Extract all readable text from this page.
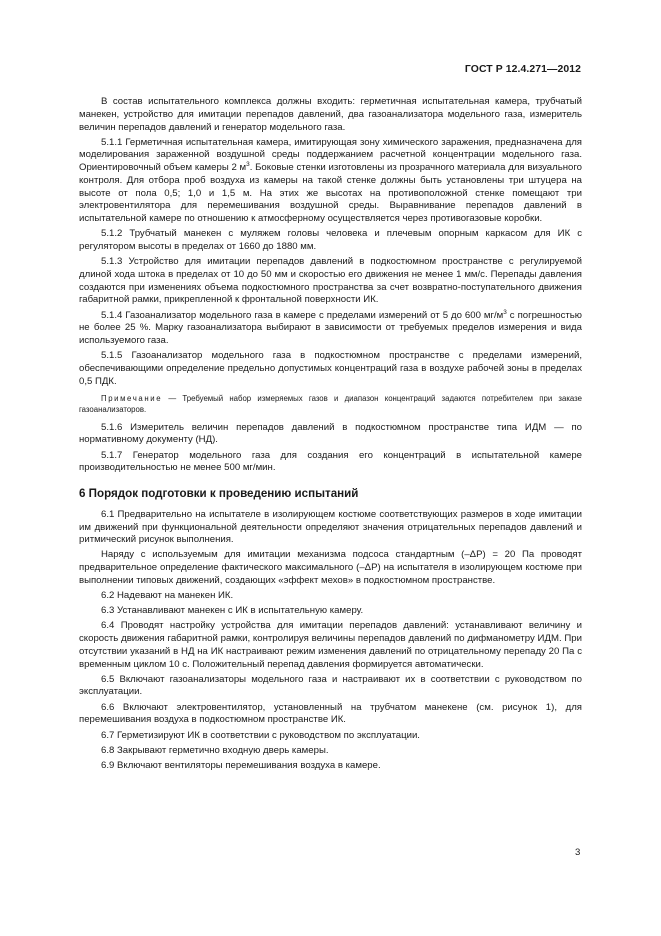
ГОСТ Р 12.4.271—2012

В состав испытательного комплекса должны входить: герметичная испытательная камера, трубчатый манекен, устройство для имитации перепадов давлений, два газоанализатора модельного газа, измеритель величин перепадов давлений и генератор модельного газа.

5.1.1 Герметичная испытательная камера, имитирующая зону химического заражения, предназначена для моделирования зараженной воздушной среды поддержанием расчетной концентрации модельного газа. Ориентировочный объем камеры 2 $м^3$. Боковые стенки изготовлены из прозрачного материала для визуального контроля. Для отбора проб воздуха из камеры на такой стенке должны быть установлены три штуцера на высоте от пола 0,5; 1,0 и 1,5 м. На этих же высотах на противоположной стенке помещают три электровентилятора для перемешивания воздушной среды. Выравнивание перепадов давлений в испытательной камере по отношению к атмосферному осуществляется через противогазовые коробки.

5.1.2 Трубчатый манекен с муляжем головы человека и плечевым опорным каркасом для ИК с регулятором высоты в пределах от 1660 до 1880 мм.

5.1.3 Устройство для имитации перепадов давлений в подкостюмном пространстве с регулируемой длиной хода штока в пределах от 10 до 50 мм и скоростью его движения не менее 1 мм/с. Перепады давления создаются при изменениях объема подкостюмного пространства за счет возвратно-поступательного движения габаритной рамки, прикрепленной к фронтальной поверхности ИК.

5.1.4 Газоанализатор модельного газа в камере с пределами измерений от 5 до 600 $мг/м^3$ с погрешностью не более 25 %. Марку газоанализатора выбирают в зависимости от требуемых пределов измерения и вида используемого газа.

5.1.5 Газоанализатор модельного газа в подкостюмном пространстве с пределами измерений, обеспечивающими определение предельно допустимых концентраций газа в воздухе рабочей зоны в пределах 0,5 ПДК.

Примечание — Требуемый набор измеряемых газов и диапазон концентраций задаются потребителем при заказе газоанализаторов.

5.1.6 Измеритель величин перепадов давлений в подкостюмном пространстве типа ИДМ — по нормативному документу (НД).

5.1.7 Генератор модельного газа для создания его концентраций в испытательной камере производительностью не менее 500 мг/мин.

6 Порядок подготовки к проведению испытаний

6.1 Предварительно на испытателе в изолирующем костюме соответствующих размеров в ходе имитации им движений при функциональной деятельности определяют значения отрицательных перепадов давлений и ритмический рисунок выполнения.

Наряду с используемым для имитации механизма подсоса стандартным (–ΔP) = 20 Па проводят предварительное определение фактического максимального (–ΔP) на испытателя в изолирующем костюме при выполнении типовых движений, создающих «эффект мехов» в подкостюмном пространстве.

6.2 Надевают на манекен ИК.

6.3 Устанавливают манекен с ИК в испытательную камеру.

6.4 Проводят настройку устройства для имитации перепадов давлений: устанавливают величину и скорость движения габаритной рамки, контролируя величины перепадов давлений по дифманометру ИДМ. При отсутствии указаний в НД на ИК настраивают режим изменения давлений по отрицательному перепаду 20 Па с временным циклом 10 с. Положительный перепад давления формируется автоматически.

6.5 Включают газоанализаторы модельного газа и настраивают их в соответствии с руководством по эксплуатации.

6.6 Включают электровентилятор, установленный на трубчатом манекене (см. рисунок 1), для перемешивания воздуха в подкостюмном пространстве ИК.

6.7 Герметизируют ИК в соответствии с руководством по эксплуатации.

6.8 Закрывают герметично входную дверь камеры.

6.9 Включают вентиляторы перемешивания воздуха в камере.

3
